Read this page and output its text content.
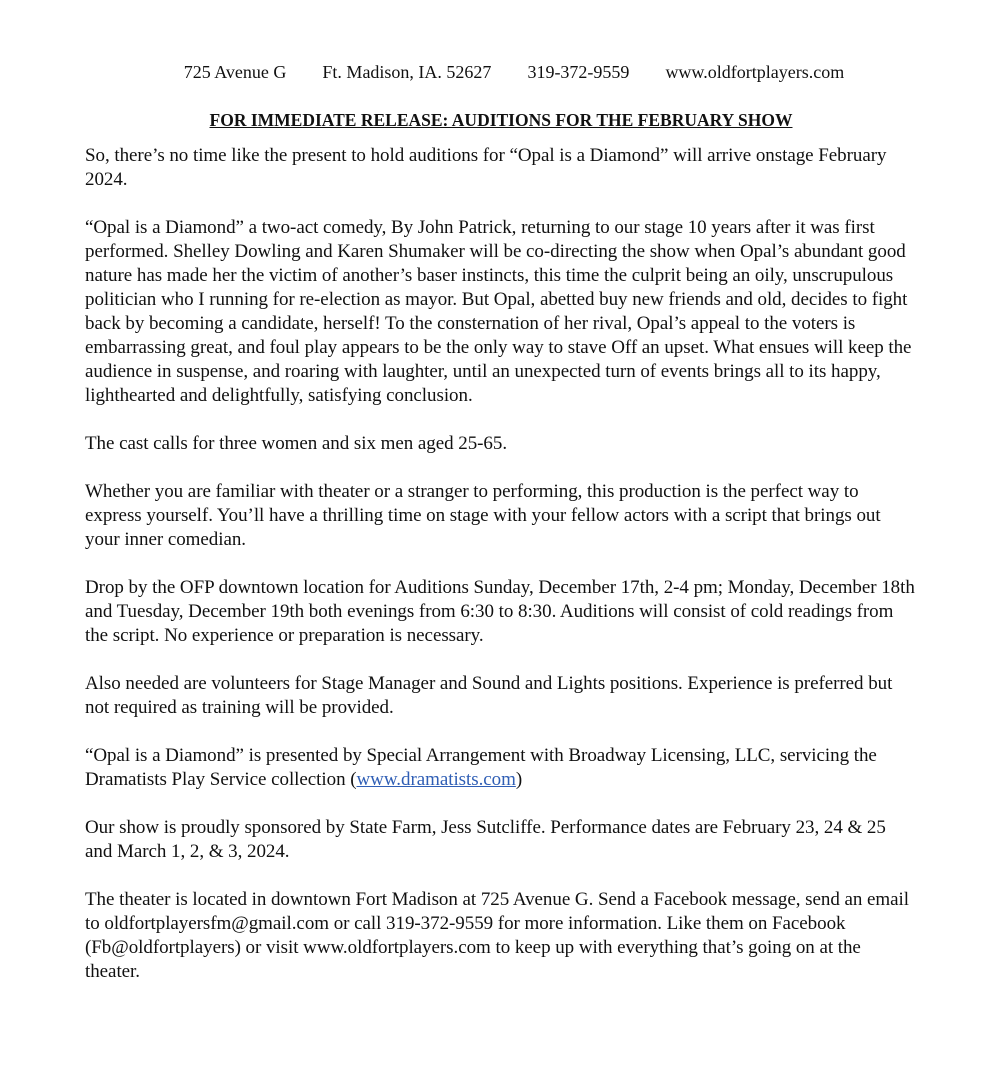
725 Avenue G Ft. Madison, IA. 52627 319-372-9559 www.oldfortplayers.com
FOR IMMEDIATE RELEASE: AUDITIONS FOR THE FEBRUARY SHOW

So, there’s no time like the present to hold auditions for “Opal is a Diamond” will arrive onstage February 2024.

“Opal is a Diamond” a two-act comedy, By John Patrick, returning to our stage 10 years after it was first performed. Shelley Dowling and Karen Shumaker will be co-directing the show when Opal’s abundant good nature has made her the victim of another’s baser instincts, this time the culprit being an oily, unscrupulous politician who I running for re-election as mayor. But Opal, abetted buy new friends and old, decides to fight back by becoming a candidate, herself! To the consternation of her rival, Opal’s appeal to the voters is embarrassing great, and foul play appears to be the only way to stave Off an upset. What ensues will keep the audience in suspense, and roaring with laughter, until an unexpected turn of events brings all to its happy, lighthearted and delightfully, satisfying conclusion.

The cast calls for three women and six men aged 25-65.

Whether you are familiar with theater or a stranger to performing, this production is the perfect way to express yourself. You’ll have a thrilling time on stage with your fellow actors with a script that brings out your inner comedian.

Drop by the OFP downtown location for Auditions Sunday, December 17th, 2-4 pm; Monday, December 18th and Tuesday, December 19th both evenings from 6:30 to 8:30. Auditions will consist of cold readings from the script. No experience or preparation is necessary.

Also needed are volunteers for Stage Manager and Sound and Lights positions. Experience is preferred but not required as training will be provided.

“Opal is a Diamond” is presented by Special Arrangement with Broadway Licensing, LLC, servicing the Dramatists Play Service collection (www.dramatists.com)

Our show is proudly sponsored by State Farm, Jess Sutcliffe. Performance dates are February 23, 24 & 25 and March 1, 2, & 3, 2024.

The theater is located in downtown Fort Madison at 725 Avenue G. Send a Facebook message, send an email to oldfortplayersfm@gmail.com or call 319-372-9559 for more information. Like them on Facebook (Fb@oldfortplayers) or visit www.oldfortplayers.com to keep up with everything that’s going on at the theater.
